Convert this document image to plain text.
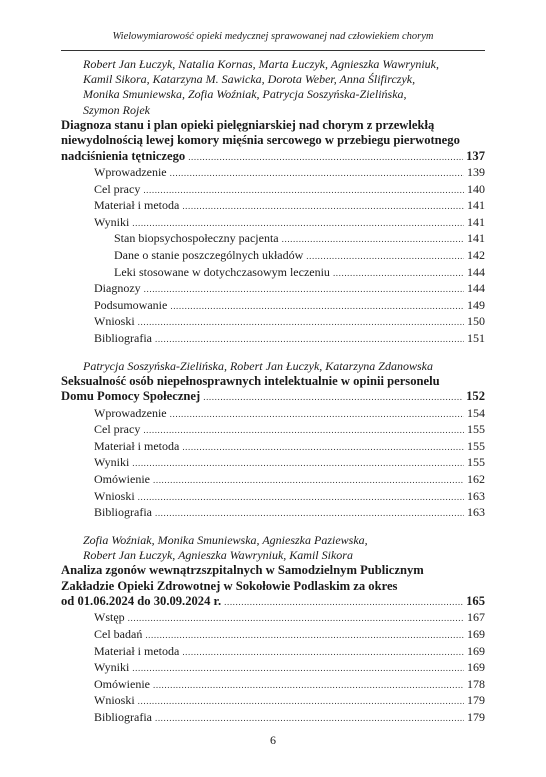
Wielowymiarowość opieki medycznej sprawowanej nad człowiekiem chorym
Robert Jan Łuczyk, Natalia Kornas, Marta Łuczyk, Agnieszka Wawryniuk,
Kamil Sikora, Katarzyna M. Sawicka, Dorota Weber, Anna Ślifirczyk,
Monika Smuniewska, Zofia Woźniak, Patrycja Soszyńska-Zielińska,
Szymon Rojek
Diagnoza stanu i plan opieki pielęgniarskiej nad chorym z przewlekłą
niewydolnością lewej komory mięśnia sercowego w przebiegu pierwotnego
nadciśnienia tętniczego .....	137
Wprowadzenie .....	139
Cel pracy .....	140
Materiał i metoda .....	141
Wyniki .....	141
Stan biopsychospołeczny pacjenta .....	141
Dane o stanie poszczególnych układów .....	142
Leki stosowane w dotychczasowym leczeniu .....	144
Diagnozy .....	144
Podsumowanie .....	149
Wnioski .....	150
Bibliografia .....	151
Patrycja Soszyńska-Zielińska, Robert Jan Łuczyk, Katarzyna Zdanowska
Seksualność osób niepełnosprawnych intelektualnie w opinii personelu
Domu Pomocy Społecznej .....	152
Wprowadzenie .....	154
Cel pracy .....	155
Materiał i metoda .....	155
Wyniki .....	155
Omówienie .....	162
Wnioski .....	163
Bibliografia .....	163
Zofia Woźniak, Monika Smuniewska, Agnieszka Paziewska,
Robert Jan Łuczyk, Agnieszka Wawryniuk, Kamil Sikora
Analiza zgonów wewnątrzszpitalnych w Samodzielnym Publicznym
Zakładzie Opieki Zdrowotnej w Sokołowie Podlaskim za okres
od 01.06.2024 do 30.09.2024 r. .....	165
Wstęp .....	167
Cel badań .....	169
Materiał i metoda .....	169
Wyniki .....	169
Omówienie .....	178
Wnioski .....	179
Bibliografia .....	179
6
